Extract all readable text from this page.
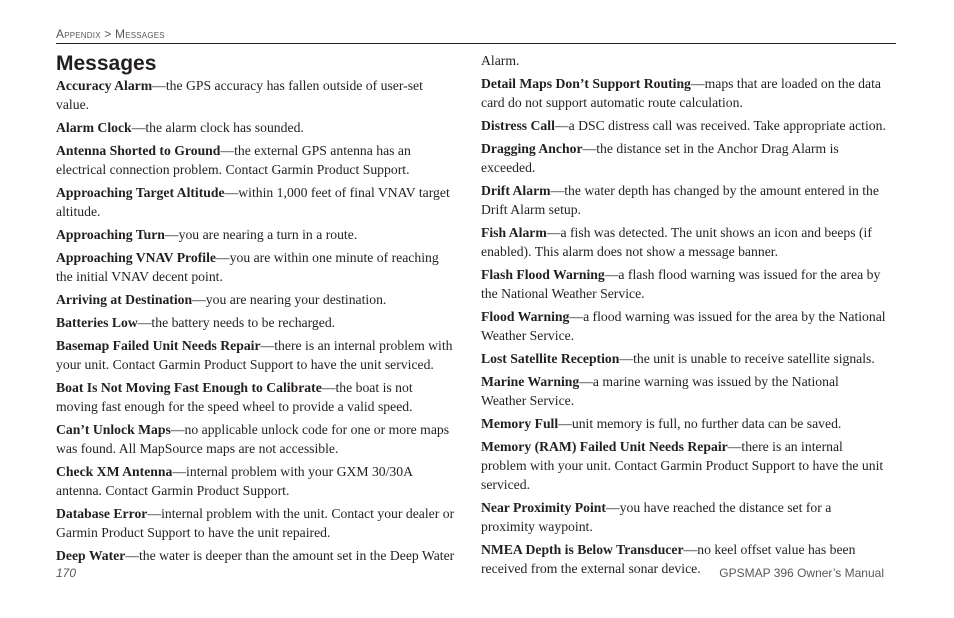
Appendix > Messages
Messages

Accuracy Alarm—the GPS accuracy has fallen outside of user-set value.

Alarm Clock—the alarm clock has sounded.

Antenna Shorted to Ground—the external GPS antenna has an electrical connection problem. Contact Garmin Product Support.

Approaching Target Altitude—within 1,000 feet of final VNAV target altitude.

Approaching Turn—you are nearing a turn in a route.

Approaching VNAV Profile—you are within one minute of reaching the initial VNAV decent point.

Arriving at Destination—you are nearing your destination.

Batteries Low—the battery needs to be recharged.

Basemap Failed Unit Needs Repair—there is an internal problem with your unit. Contact Garmin Product Support to have the unit serviced.

Boat Is Not Moving Fast Enough to Calibrate—the boat is not moving fast enough for the speed wheel to provide a valid speed.

Can’t Unlock Maps—no applicable unlock code for one or more maps was found. All MapSource maps are not accessible.

Check XM Antenna—internal problem with your GXM 30/30A antenna. Contact Garmin Product Support.

Database Error—internal problem with the unit. Contact your dealer or Garmin Product Support to have the unit repaired.

Deep Water—the water is deeper than the amount set in the Deep Water

Alarm.

Detail Maps Don’t Support Routing—maps that are loaded on the data card do not support automatic route calculation.

Distress Call—a DSC distress call was received. Take appropriate action.

Dragging Anchor—the distance set in the Anchor Drag Alarm is exceeded.

Drift Alarm—the water depth has changed by the amount entered in the Drift Alarm setup.

Fish Alarm—a fish was detected. The unit shows an icon and beeps (if enabled). This alarm does not show a message banner.

Flash Flood Warning—a flash flood warning was issued for the area by the National Weather Service.

Flood Warning—a flood warning was issued for the area by the National Weather Service.

Lost Satellite Reception—the unit is unable to receive satellite signals.

Marine Warning—a marine warning was issued by the National Weather Service.

Memory Full—unit memory is full, no further data can be saved.

Memory (RAM) Failed Unit Needs Repair—there is an internal problem with your unit. Contact Garmin Product Support to have the unit serviced.

Near Proximity Point—you have reached the distance set for a proximity waypoint.

NMEA Depth is Below Transducer—no keel offset value has been received from the external sonar device.

170	GPSMAP 396 Owner’s Manual
